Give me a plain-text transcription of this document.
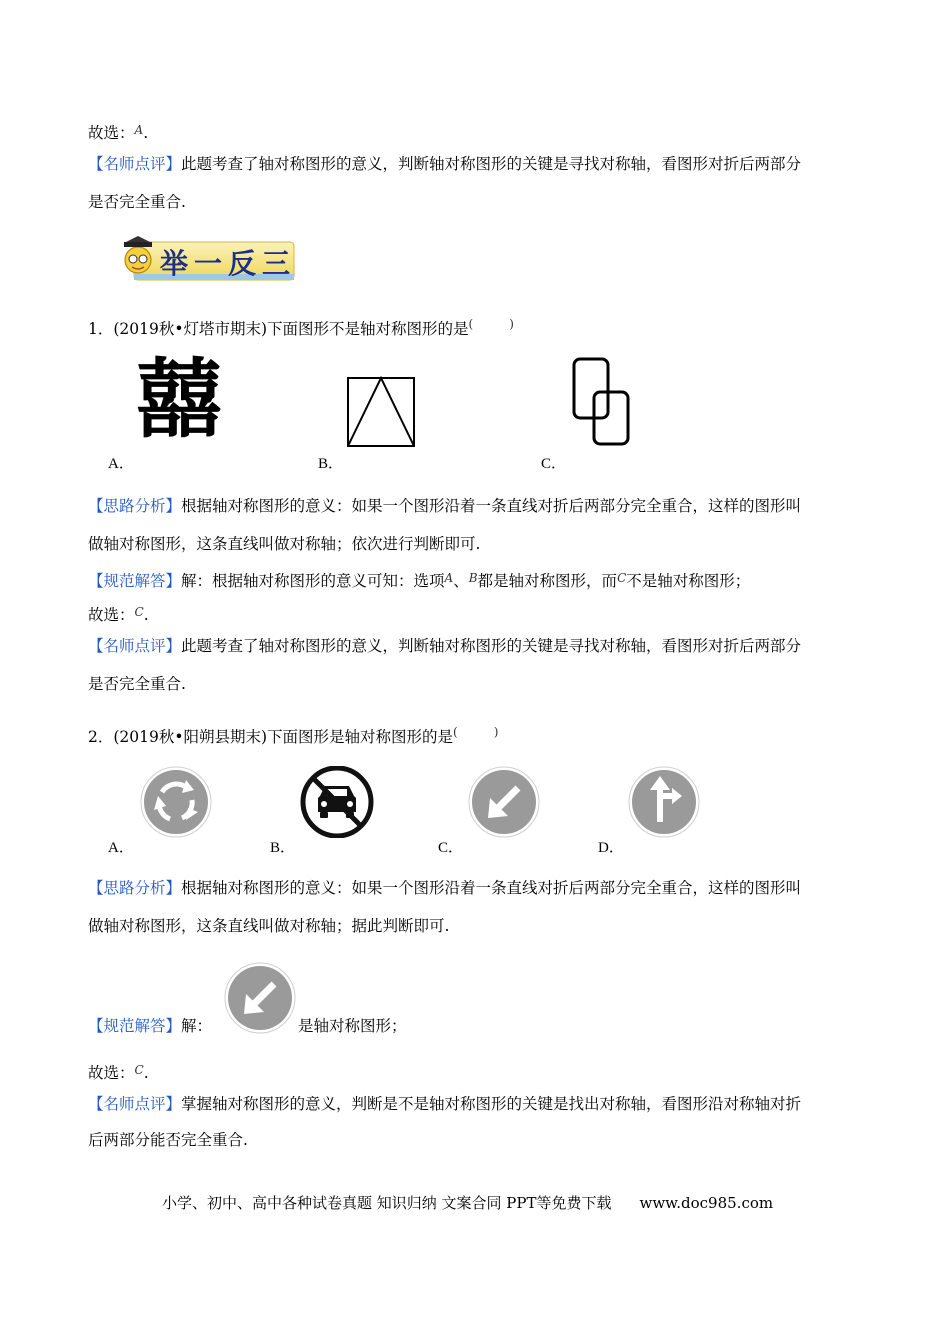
故选：$^A$.
【名师点评】此题考查了轴对称图形的意义，判断轴对称图形的关键是寻找对称轴，看图形对折后两部分
是否完全重合.
举一反三
1．(2019秋•灯塔市期末)下面图形不是轴对称图形的是(	)
囍
A．	B．	C．
【思路分析】根据轴对称图形的意义：如果一个图形沿着一条直线对折后两部分完全重合，这样的图形叫
做轴对称图形，这条直线叫做对称轴；依次进行判断即可.
【规范解答】解：根据轴对称图形的意义可知：选项$^A$、$^B$都是轴对称图形，而$^C$不是轴对称图形；
故选：$^C$.
【名师点评】此题考查了轴对称图形的意义，判断轴对称图形的关键是寻找对称轴，看图形对折后两部分
是否完全重合.
2．(2019秋•阳朔县期末)下面图形是轴对称图形的是(	)
A．	B．	C．	D．
【思路分析】根据轴对称图形的意义：如果一个图形沿着一条直线对折后两部分完全重合，这样的图形叫
做轴对称图形，这条直线叫做对称轴；据此判断即可.
【规范解答】解：	是轴对称图形；
故选：$^C$.
【名师点评】掌握轴对称图形的意义，判断是不是轴对称图形的关键是找出对称轴，看图形沿对称轴对折
后两部分能否完全重合.
小学、初中、高中各种试卷真题 知识归纳 文案合同 PPT等免费下载 www.doc985.com
